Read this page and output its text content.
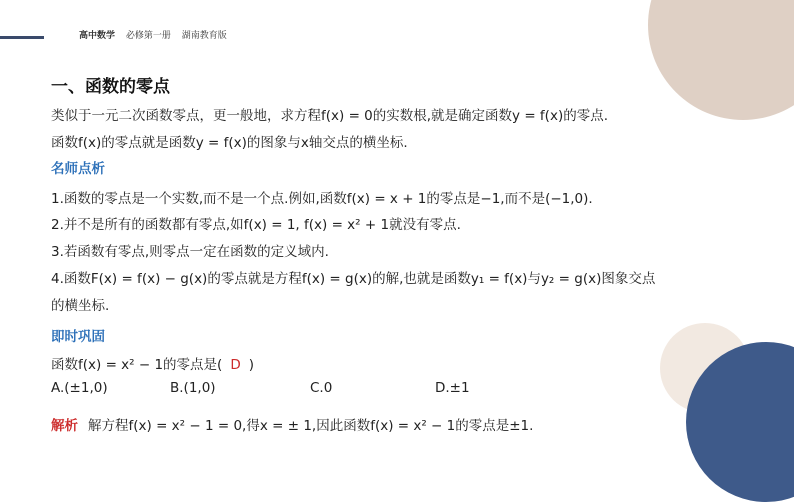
高中数学 必修第一册 湖南教育版
一、函数的零点
类似于一元二次函数零点，更一般地，求方程f(x) = 0的实数根,就是确定函数y = f(x)的零点.
函数f(x)的零点就是函数y = f(x)的图象与x轴交点的横坐标.
名师点析
1.函数的零点是一个实数,而不是一个点.例如,函数f(x) = x + 1的零点是−1,而不是(−1,0).
2.并不是所有的函数都有零点,如f(x) = 1, f(x) = x² + 1就没有零点.
3.若函数有零点,则零点一定在函数的定义域内.
4.函数F(x) = f(x) − g(x)的零点就是方程f(x) = g(x)的解,也就是函数y₁ = f(x)与y₂ = g(x)图象交点
的横坐标.
即时巩固
函数f(x) = x² − 1的零点是( D )
A.(±1,0)	B.(1,0)	C.0	D.±1
解析 解方程f(x) = x² − 1 = 0,得x = ± 1,因此函数f(x) = x² − 1的零点是±1.
